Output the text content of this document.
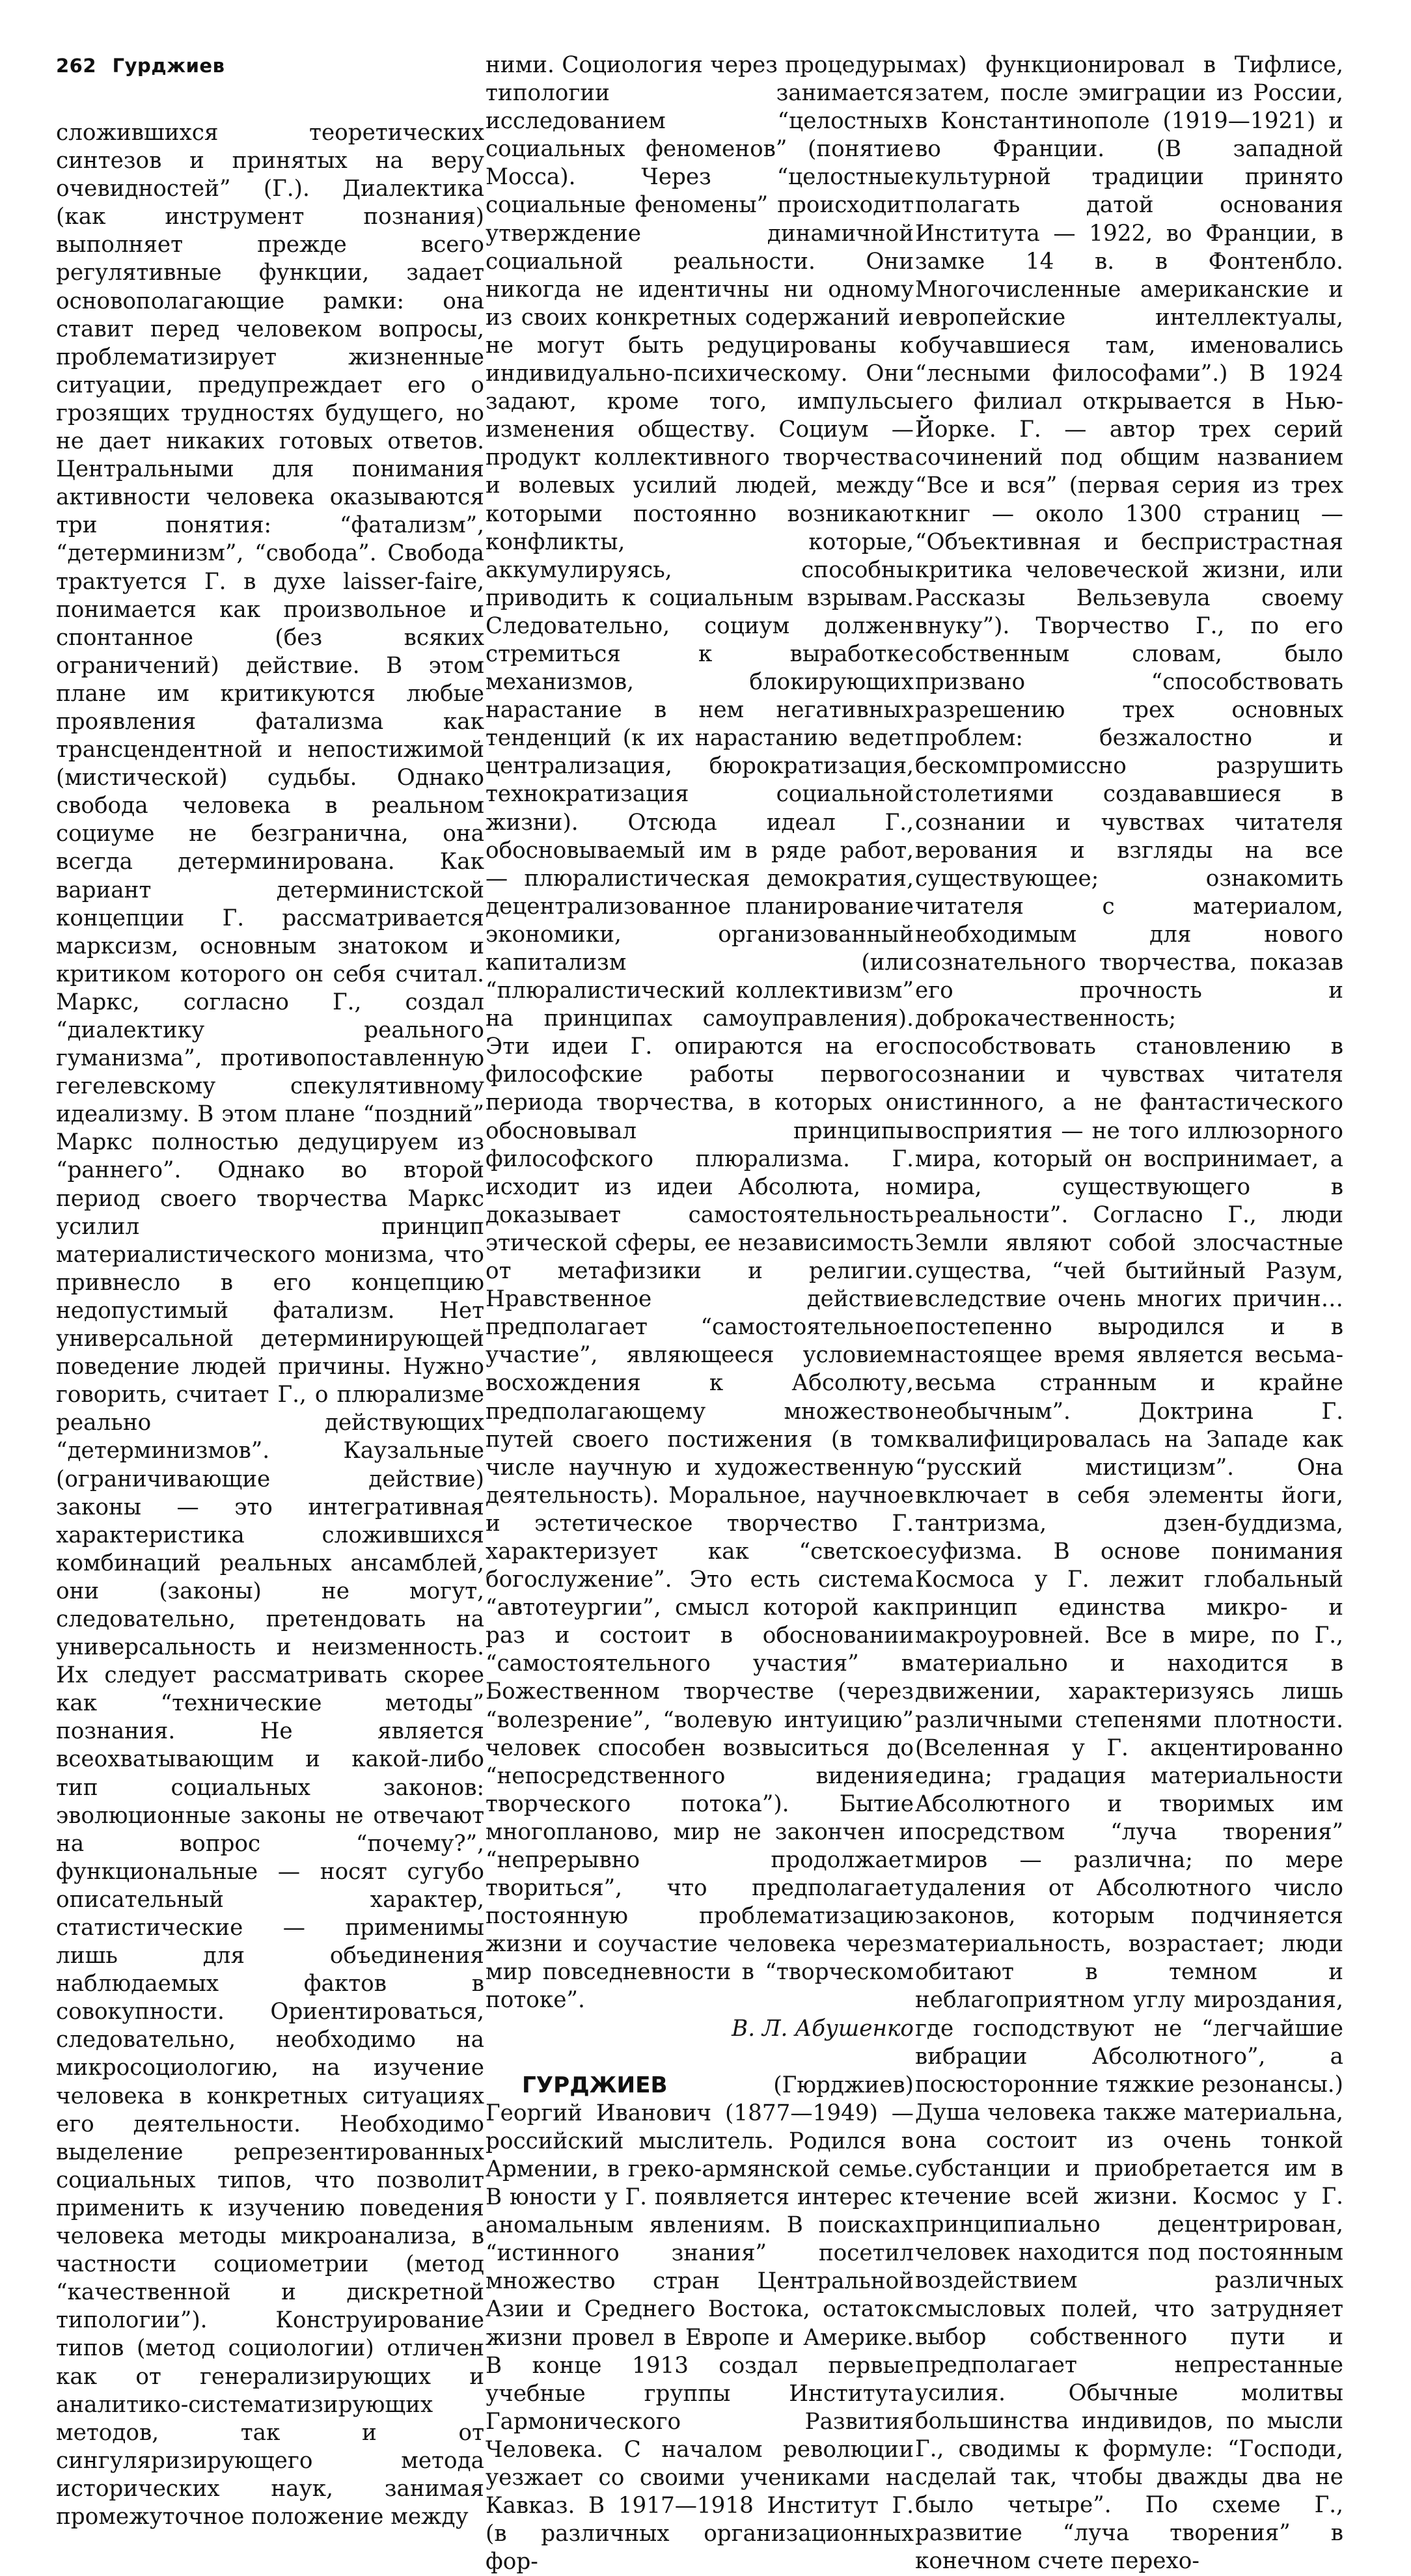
262 Гурджиев

сложившихся теоретических синтезов и принятых на веру очевидностей” (Г.). Диалектика (как инструмент познания) выполняет прежде всего регулятивные функции, задает основополагающие рамки: она ставит перед человеком вопросы, проблематизирует жизненные ситуации, предупреждает его о грозящих трудностях будущего, но не дает никаких готовых ответов. Центральными для понимания активности человека оказываются три понятия: “фатализм”, “детерминизм”, “свобода”. Свобода трактуется Г. в духе laisser-faire, понимается как произвольное и спонтанное (без всяких ограничений) действие. В этом плане им критикуются любые проявления фатализма как трансцендентной и непостижимой (мистической) судьбы. Однако свобода человека в реальном социуме не безгранична, она всегда детерминирована. Как вариант детерминистской концепции Г. рассматривается марксизм, основным знатоком и критиком которого он себя считал. Маркс, согласно Г., создал “диалектику реального гуманизма”, противопоставленную гегелевскому спекулятивному идеализму. В этом плане “поздний” Маркс полностью дедуцируем из “раннего”. Однако во второй период своего творчества Маркс усилил принцип материалистического монизма, что привнесло в его концепцию недопустимый фатализм. Нет универсальной детерминирующей поведение людей причины. Нужно говорить, считает Г., о плюрализме реально действующих “детерминизмов”. Каузальные (ограничивающие действие) законы — это интегративная характеристика сложившихся комбинаций реальных ансамблей, они (законы) не могут, следовательно, претендовать на универсальность и неизменность. Их следует рассматривать скорее как “технические методы” познания. Не является всеохватывающим и какой-либо тип социальных законов: эволюционные законы не отвечают на вопрос “почему?”, функциональные — носят сугубо описательный характер, статистические — применимы лишь для объединения наблюдаемых фактов в совокупности. Ориентироваться, следовательно, необходимо на микросоциологию, на изучение человека в конкретных ситуациях его деятельности. Необходимо выделение репрезентированных социальных типов, что позволит применить к изучению поведения человека методы микроанализа, в частности социометрии (метод “качественной и дискретной типологии”). Конструирование типов (метод социологии) отличен как от генерализирующих и аналитико-систематизирующих методов, так и от сингуляризирующего метода исторических наук, занимая промежуточное положение между

ними. Социология через процедуры типологии занимается исследованием “целостных социальных феноменов” (понятие Мосса). Через “целостные социальные феномены” происходит утверждение динамичной социальной реальности. Они никогда не идентичны ни одному из своих конкретных содержаний и не могут быть редуцированы к индивидуально-психическому. Они задают, кроме того, импульсы изменения обществу. Социум — продукт коллективного творчества и волевых усилий людей, между которыми постоянно возникают конфликты, которые, аккумулируясь, способны приводить к социальным взрывам. Следовательно, социум должен стремиться к выработке механизмов, блокирующих нарастание в нем негативных тенденций (к их нарастанию ведет централизация, бюрократизация, технократизация социальной жизни). Отсюда идеал Г., обосновываемый им в ряде работ, — плюралистическая демократия, децентрализованное планирование экономики, организованный капитализм (или “плюралистический коллективизм” на принципах самоуправления). Эти идеи Г. опираются на его философские работы первого периода творчества, в которых он обосновывал принципы философского плюрализма. Г. исходит из идеи Абсолюта, но доказывает самостоятельность этической сферы, ее независимость от метафизики и религии. Нравственное действие предполагает “самостоятельное участие”, являющееся условием восхождения к Абсолюту, предполагающему множество путей своего постижения (в том числе научную и художественную деятельность). Моральное, научное и эстетическое творчество Г. характеризует как “светское богослужение”. Это есть система “автотеургии”, смысл которой как раз и состоит в обосновании “самостоятельного участия” в Божественном творчестве (через “волезрение”, “волевую интуицию” человек способен возвыситься до “непосредственного видения творческого потока”). Бытие многопланово, мир не закончен и “непрерывно продолжает твориться”, что предполагает постоянную проблематизацию жизни и соучастие человека через мир повседневности в “творческом потоке”.

В. Л. Абушенко

ГУРДЖИЕВ (Гюрджиев) Георгий Иванович (1877—1949) — российский мыслитель. Родился в Армении, в греко-армянской семье. В юности у Г. появляется интерес к аномальным явлениям. В поисках “истинного знания” посетил множество стран Центральной Азии и Среднего Востока, остаток жизни провел в Европе и Америке. В конце 1913 создал первые учебные группы Института Гармонического Развития Человека. С началом революции уезжает со своими учениками на Кавказ. В 1917—1918 Институт Г. (в различных организационных фор-

мах) функционировал в Тифлисе, затем, после эмиграции из России, в Константинополе (1919—1921) и во Франции. (В западной культурной традиции принято полагать датой основания Института — 1922, во Франции, в замке 14 в. в Фонтенбло. Многочисленные американские и европейские интеллектуалы, обучавшиеся там, именовались “лесными философами”.) В 1924 его филиал открывается в Нью-Йорке. Г. — автор трех серий сочинений под общим названием “Все и вся” (первая серия из трех книг — около 1300 страниц — “Объективная и беспристрастная критика человеческой жизни, или Рассказы Вельзевула своему внуку”). Творчество Г., по его собственным словам, было призвано “способствовать разрешению трех основных проблем: безжалостно и бескомпромиссно разрушить столетиями создававшиеся в сознании и чувствах читателя верования и взгляды на все существующее; ознакомить читателя с материалом, необходимым для нового сознательного творчества, показав его прочность и доброкачественность; способствовать становлению в сознании и чувствах читателя истинного, а не фантастического восприятия — не того иллюзорного мира, который он воспринимает, а мира, существующего в реальности”. Согласно Г., люди Земли являют собой злосчастные существа, “чей бытийный Разум, вследствие очень многих причин… постепенно выродился и в настоящее время является весьма-весьма странным и крайне необычным”. Доктрина Г. квалифицировалась на Западе как “русский мистицизм”. Она включает в себя элементы йоги, тантризма, дзен-буддизма, суфизма. В основе понимания Космоса у Г. лежит глобальный принцип единства микро- и макроуровней. Все в мире, по Г., материально и находится в движении, характеризуясь лишь различными степенями плотности. (Вселенная у Г. акцентированно едина; градация материальности Абсолютного и творимых им посредством “луча творения” миров — различна; по мере удаления от Абсолютного число законов, которым подчиняется материальность, возрастает; люди обитают в темном и неблагоприятном углу мироздания, где господствуют не “легчайшие вибрации Абсолютного”, а посюсторонние тяжкие резонансы.) Душа человека также материальна, она состоит из очень тонкой субстанции и приобретается им в течение всей жизни. Космос у Г. принципиально децентрирован, человек находится под постоянным воздействием различных смысловых полей, что затрудняет выбор собственного пути и предполагает непрестанные усилия. Обычные молитвы большинства индивидов, по мысли Г., сводимы к формуле: “Господи, сделай так, чтобы дважды два не было четыре”. По схеме Г., развитие “луча творения” в конечном счете перехо-
